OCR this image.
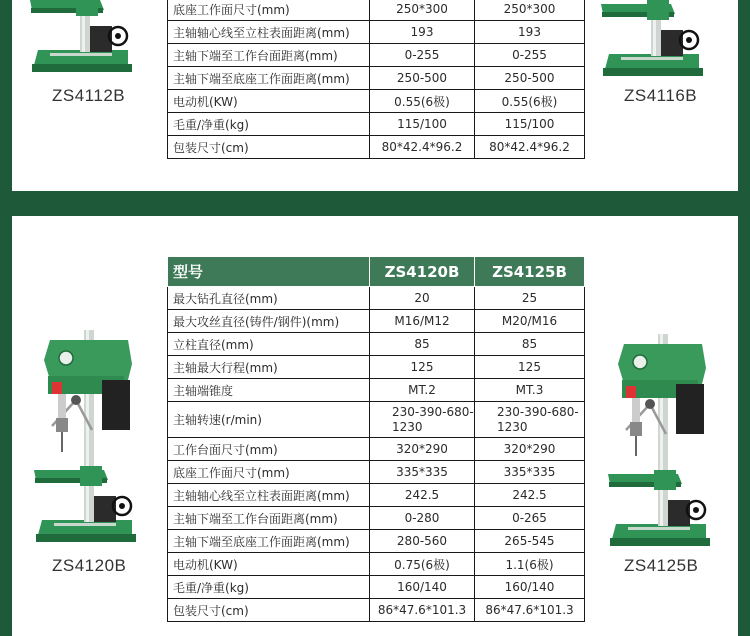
ZS4112B
底座工作面尺寸(mm)	250*300	250*300
主轴轴心线至立柱表面距离(mm)	193	193
主轴下端至工作台面距离(mm)	0-255	0-255
主轴下端至底座工作面距离(mm)	250-500	250-500
电动机(KW)	0.55(6极)	0.55(6极)
毛重/净重(kg)	115/100	115/100
包装尺寸(cm)	80*42.4*96.2	80*42.4*96.2
ZS4116B
ZS4120B
型号	ZS4120B	ZS4125B
最大钻孔直径(mm)	20	25
最大攻丝直径(铸件/钢件)(mm)	M16/M12	M20/M16
立柱直径(mm)	85	85
主轴最大行程(mm)	125	125
主轴端锥度	MT.2	MT.3
主轴转速(r/min)	230-390-680-1230	230-390-680-1230
工作台面尺寸(mm)	320*290	320*290
底座工作面尺寸(mm)	335*335	335*335
主轴轴心线至立柱表面距离(mm)	242.5	242.5
主轴下端至工作台面距离(mm)	0-280	0-265
主轴下端至底座工作面距离(mm)	280-560	265-545
电动机(KW)	0.75(6极)	1.1(6极)
毛重/净重(kg)	160/140	160/140
包装尺寸(cm)	86*47.6*101.3	86*47.6*101.3
ZS4125B
